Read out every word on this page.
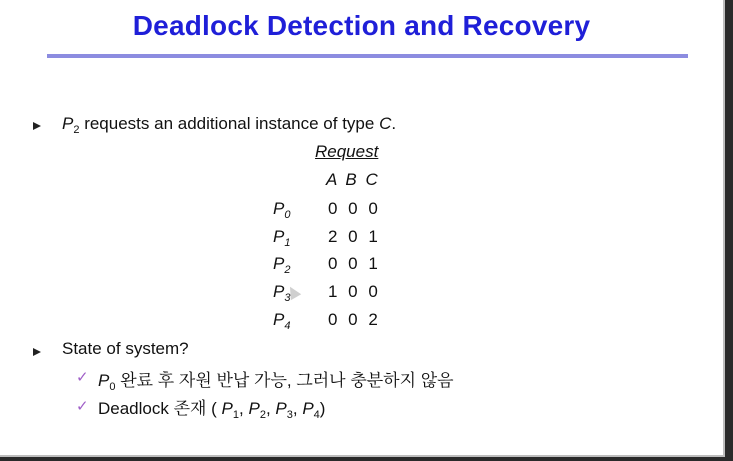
Deadlock Detection and Recovery
$P_2$ requests an additional instance of type C.
Request
A B C
$P_0$ 0 0 0
$P_1$ 2 0 1
$P_2$ 0 0 1
$P_3$ 1 0 0
$P_4$ 0 0 2
State of system?
✓ $P_0$ 완료 후 자원 반납 가능, 그러나 충분하지 않음
✓ Deadlock 존재 ( $P_1$, $P_2$, $P_3$, $P_4$)
